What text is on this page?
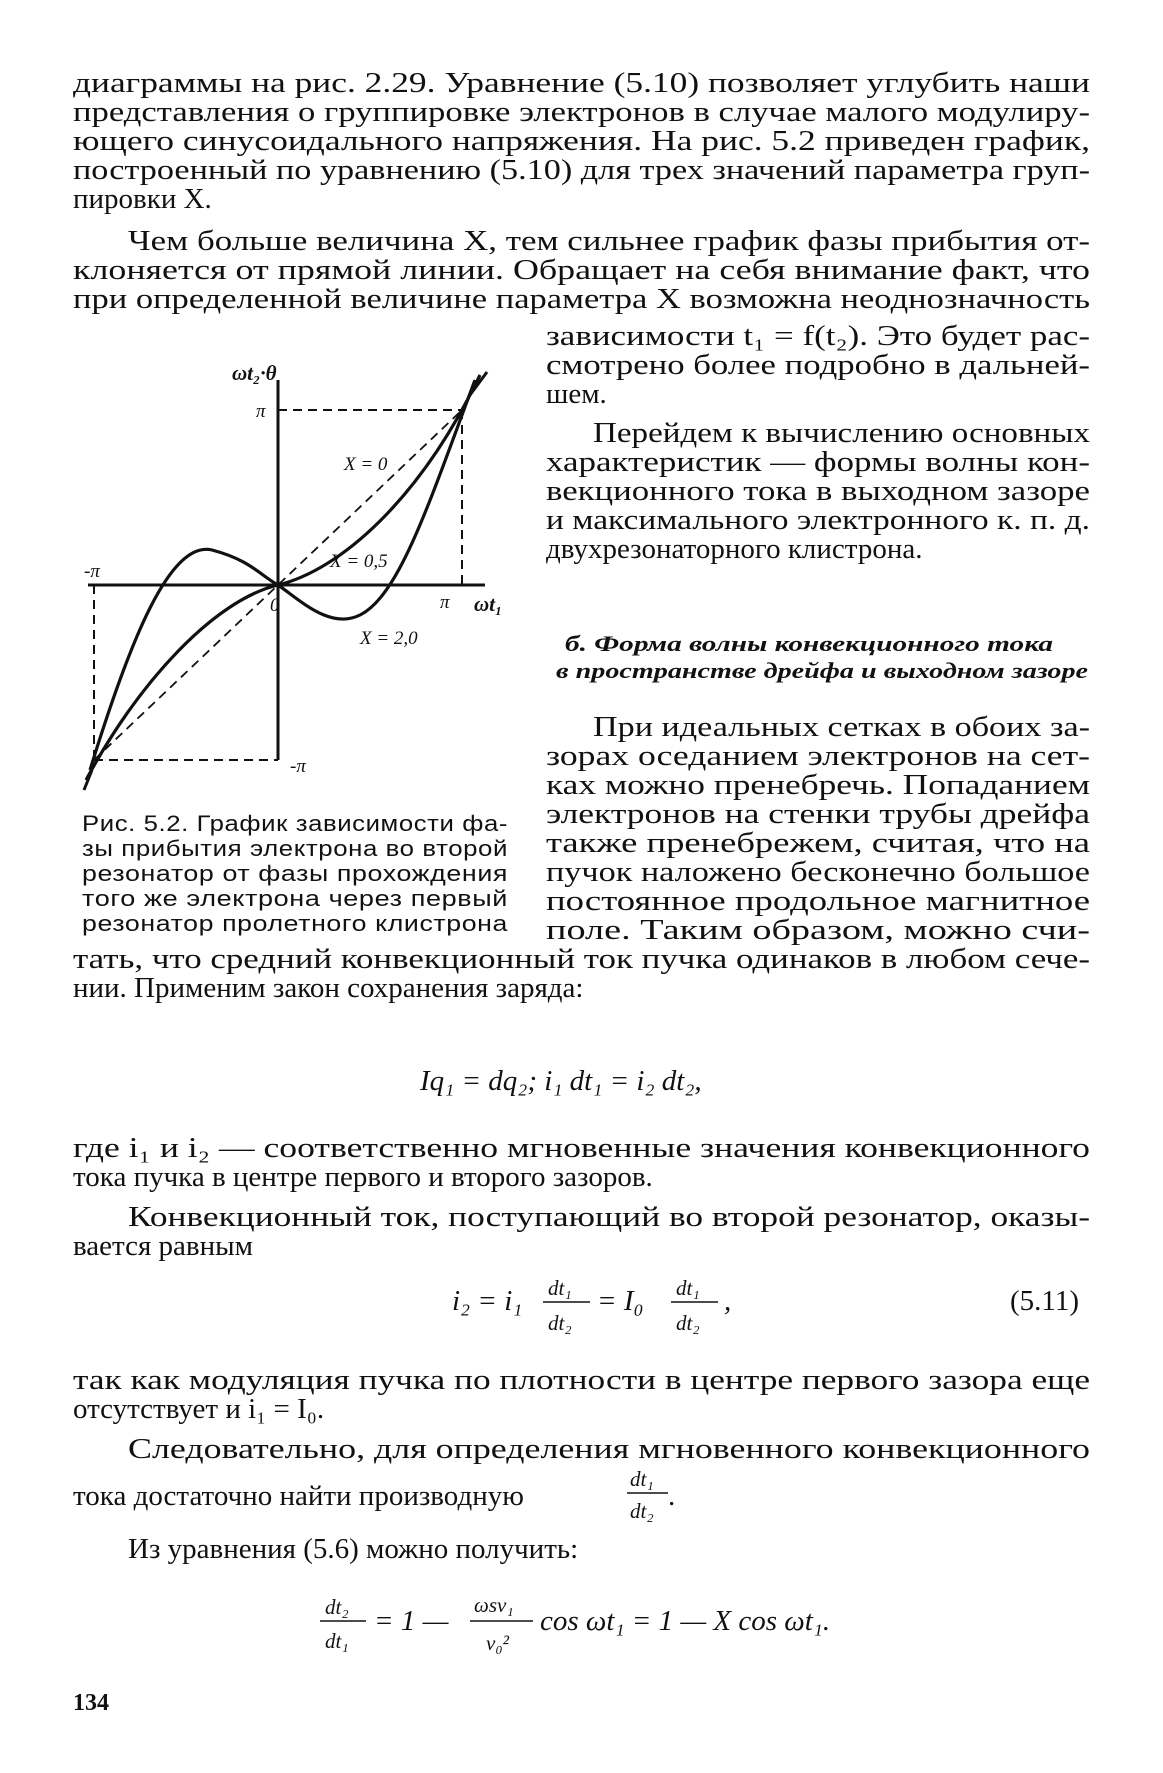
диаграммы на рис. 2.29. Уравнение (5.10) позволяет углубить наши
представления о группировке электронов в случае малого модулиру-
ющего синусоидального напряжения. На рис. 5.2 приведен график,
построенный по уравнению (5.10) для трех значений параметра груп-
пировки X.
Чем больше величина X, тем сильнее график фазы прибытия от-
клоняется от прямой линии. Обращает на себя внимание факт, что
при определенной величине параметра X возможна неоднозначность
зависимости t₁ = f(t₂). Это будет рас-
смотрено более подробно в дальней-
шем.
Перейдем к вычислению основных
характеристик — формы волны кон-
векционного тока в выходном зазоре
и максимального электронного к. п. д.
двухрезонаторного клистрона.
б. Форма волны конвекционного тока
в пространстве дрейфа и выходном зазоре
При идеальных сетках в обоих за-
зорах оседанием электронов на сет-
ках можно пренебречь. Попаданием
электронов на стенки трубы дрейфа
также пренебрежем, считая, что на
пучок наложено бесконечно большое
постоянное продольное магнитное
поле. Таким образом, можно счи-
тать, что средний конвекционный ток пучка одинаков в любом сече-
нии. Применим закон сохранения заряда:
Iq₁ = dq₂; i₁ dt₁ = i₂ dt₂,
где i₁ и i₂ — соответственно мгновенные значения конвекционного
тока пучка в центре первого и второго зазоров.
Конвекционный ток, поступающий во второй резонатор, оказы-
вается равным
i₂ = i₁ dt₁
dt₂
= I₀ dt₁
dt₂
,	(5.11)
так как модуляция пучка по плотности в центре первого зазора еще
отсутствует и i₁ = I₀.
Следовательно, для определения мгновенного конвекционного
тока достаточно найти производную
dt₁
dt₂ .
Из уравнения (5.6) можно получить:
dt₂
dt₁
= 1 — ωsv₁
v₀²
cos ωt₁ = 1 — X cos ωt₁.
134
ωt₂·θ
π
-π
-π
π ωt₁
0
X = 0
X = 0,5
X = 2,0
Рис. 5.2. График зависимости фа-
зы прибытия электрона во второй
резонатор от фазы прохождения
того же электрона через первый
резонатор пролетного клистрона
